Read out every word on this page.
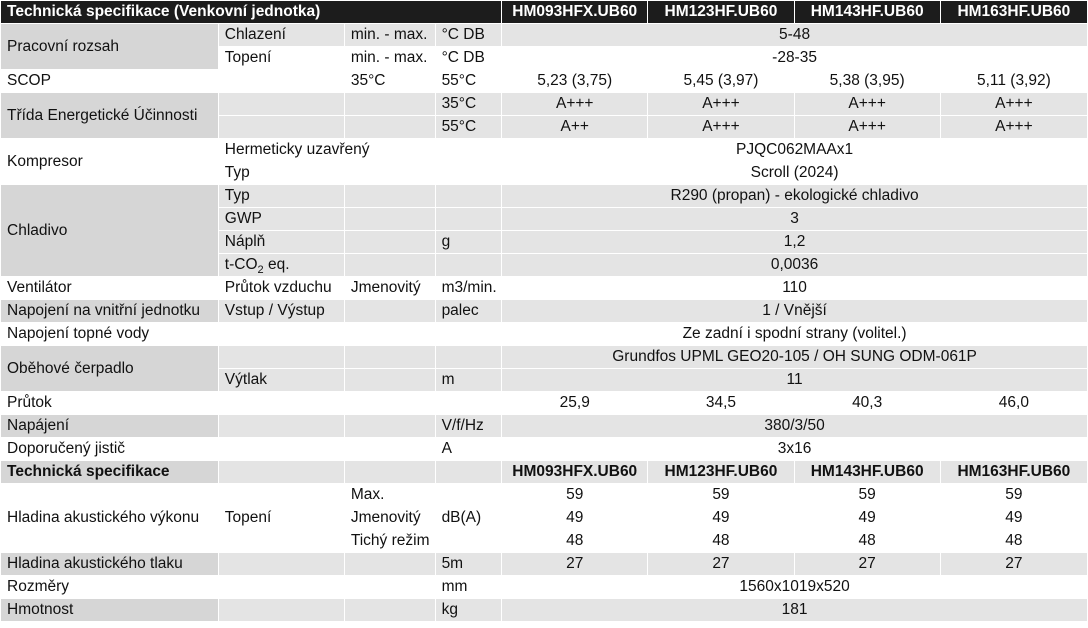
Technická specifikace (Venkovní jednotka)				HM093HFX.UB60	HM123HF.UB60	HM143HF.UB60	HM163HF.UB60
Pracovní rozsah	Chlazení	min. - max.	°C DB	5-48			
	Topení	min. - max.	°C DB	-28-35			
SCOP		35°C	55°C	5,23 (3,75)	5,45 (3,97)	5,38 (3,95)	5,11 (3,92)
Třída Energetické Účinnosti			35°C	A+++	A+++	A+++	A+++
			55°C	A++	A+++	A+++	A+++
Kompresor	Hermeticky uzavřený			PJQC062MAAx1			
	Typ			Scroll (2024)			
Chladivo	Typ			R290 (propan) - ekologické chladivo			
	GWP			3			
	Náplň		g	1,2			
	$t-CO_2$ eq.			0,0036			
Ventilátor	Průtok vzduchu	Jmenovitý	m3/min.	110			
Napojení na vnitřní jednotku	Vstup / Výstup		palec	1 / Vnější			
Napojení topné vody				Ze zadní i spodní strany (volitel.)			
Oběhové čerpadlo				Grundfos UPML GEO20-105 / OH SUNG ODM-061P			
	Výtlak		m	11			
Průtok				25,9	34,5	40,3	46,0
Napájení			V/f/Hz	380/3/50			
Doporučený jistič			A	3x16			
Technická specifikace				HM093HFX.UB60	HM123HF.UB60	HM143HF.UB60	HM163HF.UB60
Hladina akustického výkonu	Topení	Max.	dB(A)	59	59	59	59
		Jmenovitý		49	49	49	49
		Tichý režim		48	48	48	48
Hladina akustického tlaku			5m	27	27	27	27
Rozměry			mm	1560x1019x520			
Hmotnost			kg	181			
